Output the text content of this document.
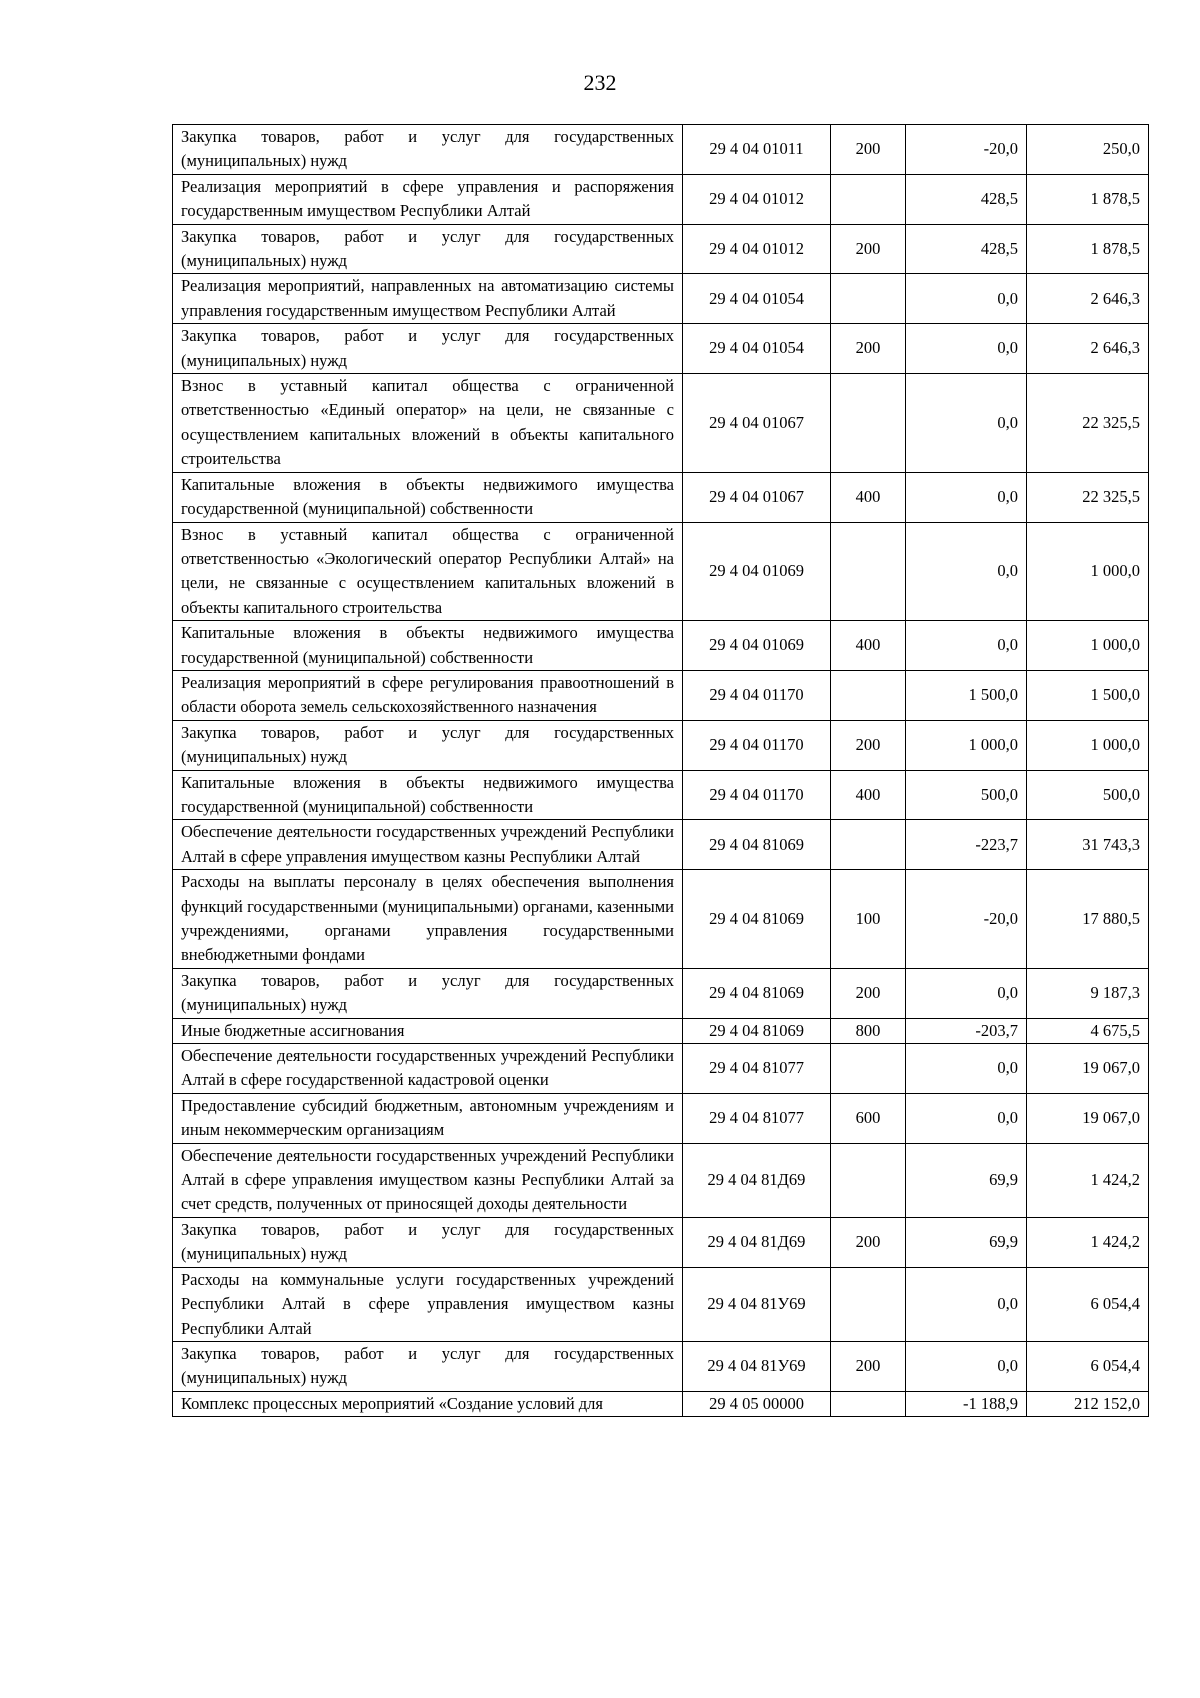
232
Закупка товаров, работ и услуг для государственных (муниципальных) нужд	29 4 04 01011	200	-20,0	250,0
Реализация мероприятий в сфере управления и распоряжения государственным имуществом Республики Алтай	29 4 04 01012		428,5	1 878,5
Закупка товаров, работ и услуг для государственных (муниципальных) нужд	29 4 04 01012	200	428,5	1 878,5
Реализация мероприятий, направленных на автоматизацию системы управления государственным имуществом Республики Алтай	29 4 04 01054		0,0	2 646,3
Закупка товаров, работ и услуг для государственных (муниципальных) нужд	29 4 04 01054	200	0,0	2 646,3
Взнос в уставный капитал общества с ограниченной ответственностью «Единый оператор» на цели, не связанные с осуществлением капитальных вложений в объекты капитального строительства	29 4 04 01067		0,0	22 325,5
Капитальные вложения в объекты недвижимого имущества государственной (муниципальной) собственности	29 4 04 01067	400	0,0	22 325,5
Взнос в уставный капитал общества с ограниченной ответственностью «Экологический оператор Республики Алтай» на цели, не связанные с осуществлением капитальных вложений в объекты капитального строительства	29 4 04 01069		0,0	1 000,0
Капитальные вложения в объекты недвижимого имущества государственной (муниципальной) собственности	29 4 04 01069	400	0,0	1 000,0
Реализация мероприятий в сфере регулирования правоотношений в области оборота земель сельскохозяйственного назначения	29 4 04 01170		1 500,0	1 500,0
Закупка товаров, работ и услуг для государственных (муниципальных) нужд	29 4 04 01170	200	1 000,0	1 000,0
Капитальные вложения в объекты недвижимого имущества государственной (муниципальной) собственности	29 4 04 01170	400	500,0	500,0
Обеспечение деятельности государственных учреждений Республики Алтай в сфере управления имуществом казны Республики Алтай	29 4 04 81069		-223,7	31 743,3
Расходы на выплаты персоналу в целях обеспечения выполнения функций государственными (муниципальными) органами, казенными учреждениями, органами управления государственными внебюджетными фондами	29 4 04 81069	100	-20,0	17 880,5
Закупка товаров, работ и услуг для государственных (муниципальных) нужд	29 4 04 81069	200	0,0	9 187,3
Иные бюджетные ассигнования	29 4 04 81069	800	-203,7	4 675,5
Обеспечение деятельности государственных учреждений Республики Алтай в сфере государственной кадастровой оценки	29 4 04 81077		0,0	19 067,0
Предоставление субсидий бюджетным, автономным учреждениям и иным некоммерческим организациям	29 4 04 81077	600	0,0	19 067,0
Обеспечение деятельности государственных учреждений Республики Алтай в сфере управления имуществом казны Республики Алтай за счет средств, полученных от приносящей доходы деятельности	29 4 04 81Д69		69,9	1 424,2
Закупка товаров, работ и услуг для государственных (муниципальных) нужд	29 4 04 81Д69	200	69,9	1 424,2
Расходы на коммунальные услуги государственных учреждений Республики Алтай в сфере управления имуществом казны Республики Алтай	29 4 04 81У69		0,0	6 054,4
Закупка товаров, работ и услуг для государственных (муниципальных) нужд	29 4 04 81У69	200	0,0	6 054,4
Комплекс процессных мероприятий «Создание условий для	29 4 05 00000		-1 188,9	212 152,0
